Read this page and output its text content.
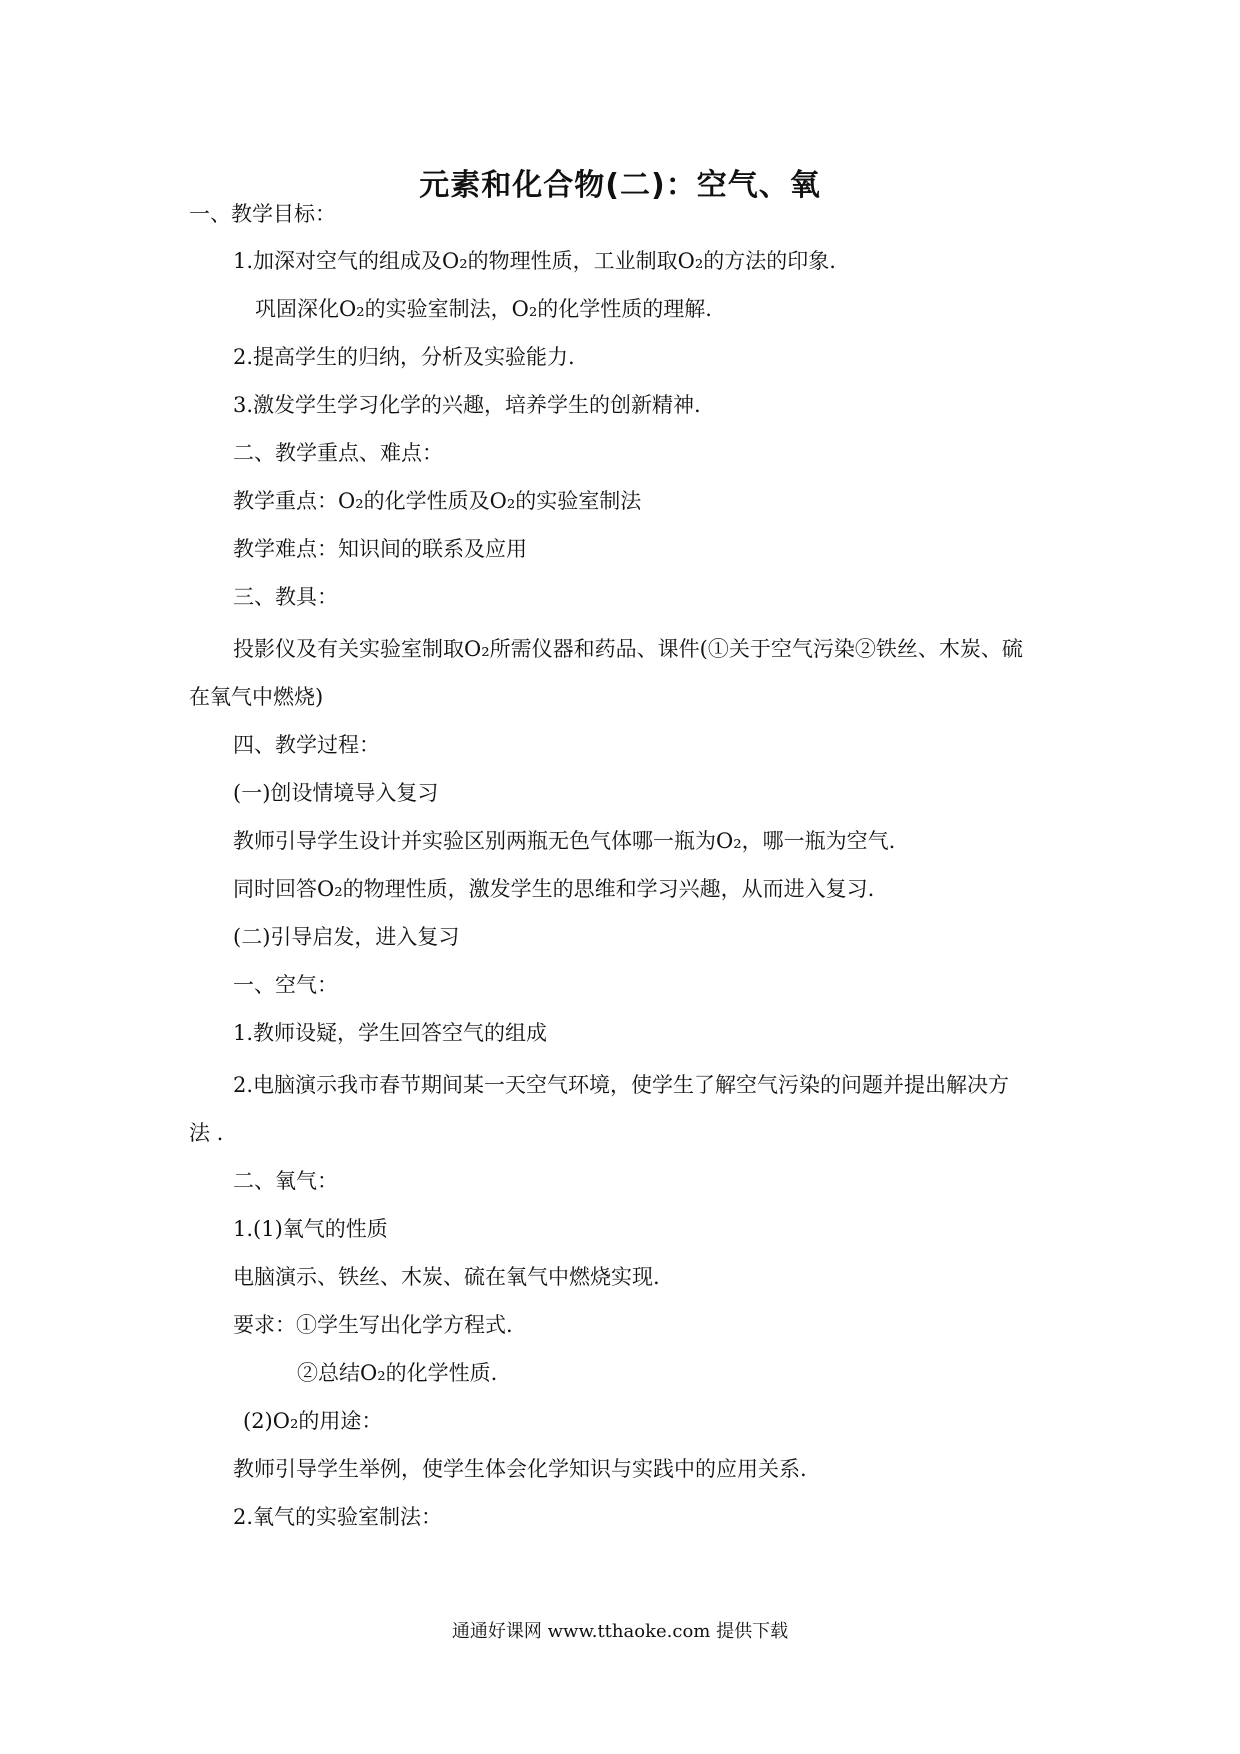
元素和化合物(二)：空气、氧
一、教学目标：
1.加深对空气的组成及O₂的物理性质，工业制取O₂的方法的印象.
巩固深化O₂的实验室制法，O₂的化学性质的理解.
2.提高学生的归纳，分析及实验能力.
3.激发学生学习化学的兴趣，培养学生的创新精神.
二、教学重点、难点：
教学重点：O₂的化学性质及O₂的实验室制法
教学难点：知识间的联系及应用
三、教具：
投影仪及有关实验室制取O₂所需仪器和药品、课件(①关于空气污染②铁丝、木炭、硫
在氧气中燃烧)
四、教学过程：
(一)创设情境导入复习
教师引导学生设计并实验区别两瓶无色气体哪一瓶为O₂，哪一瓶为空气.
同时回答O₂的物理性质，激发学生的思维和学习兴趣，从而进入复习.
(二)引导启发，进入复习
一、空气：
1.教师设疑，学生回答空气的组成
2.电脑演示我市春节期间某一天空气环境，使学生了解空气污染的问题并提出解决方
法 .
二、氧气：
1.(1)氧气的性质
电脑演示、铁丝、木炭、硫在氧气中燃烧实现.
要求：①学生写出化学方程式.
②总结O₂的化学性质.
(2)O₂的用途：
教师引导学生举例，使学生体会化学知识与实践中的应用关系.
2.氧气的实验室制法：
通通好课网 www.tthaoke.com 提供下载
